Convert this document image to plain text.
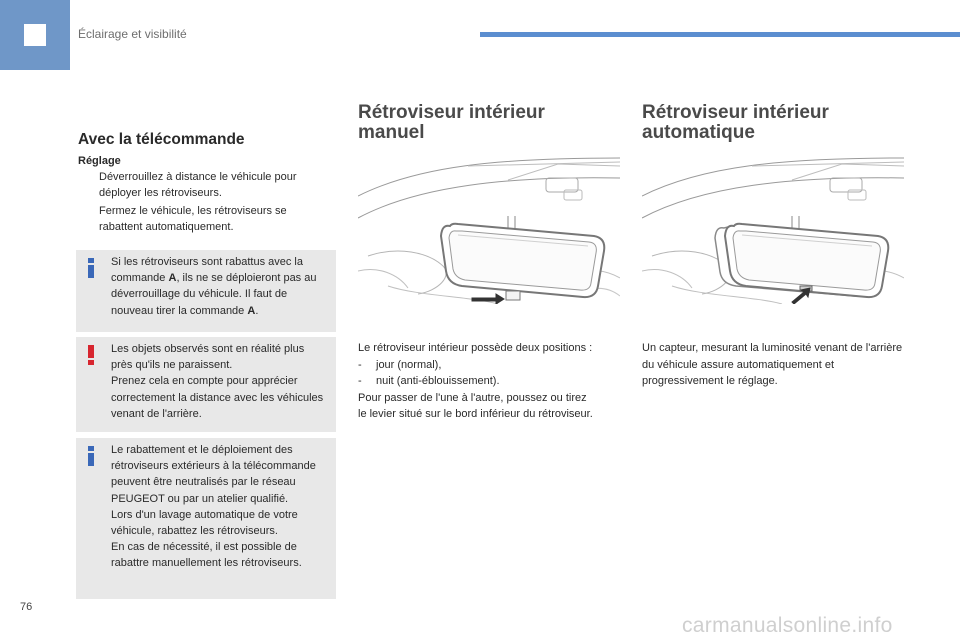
Éclairage et visibilité
Avec la télécommande
Réglage
Déverrouillez à distance le véhicule pour déployer les rétroviseurs.
Fermez le véhicule, les rétroviseurs se rabattent automatiquement.
Si les rétroviseurs sont rabattus avec la commande A, ils ne se déploieront pas au déverrouillage du véhicule. Il faut de nouveau tirer la commande A.
Les objets observés sont en réalité plus près qu'ils ne paraissent.
Prenez cela en compte pour apprécier correctement la distance avec les véhicules venant de l'arrière.
Le rabattement et le déploiement des rétroviseurs extérieurs à la télécommande peuvent être neutralisés par le réseau PEUGEOT ou par un atelier qualifié.
Lors d'un lavage automatique de votre véhicule, rabattez les rétroviseurs.
En cas de nécessité, il est possible de rabattre manuellement les rétroviseurs.
Rétroviseur intérieur
manuel
Le rétroviseur intérieur possède deux positions :
- jour (normal),
- nuit (anti-éblouissement).
Pour passer de l'une à l'autre, poussez ou tirez le levier situé sur le bord inférieur du rétroviseur.
Rétroviseur intérieur
automatique

Un capteur, mesurant la luminosité venant de l'arrière du véhicule assure automatiquement et progressivement le réglage.

76
carmanualsonline.info
